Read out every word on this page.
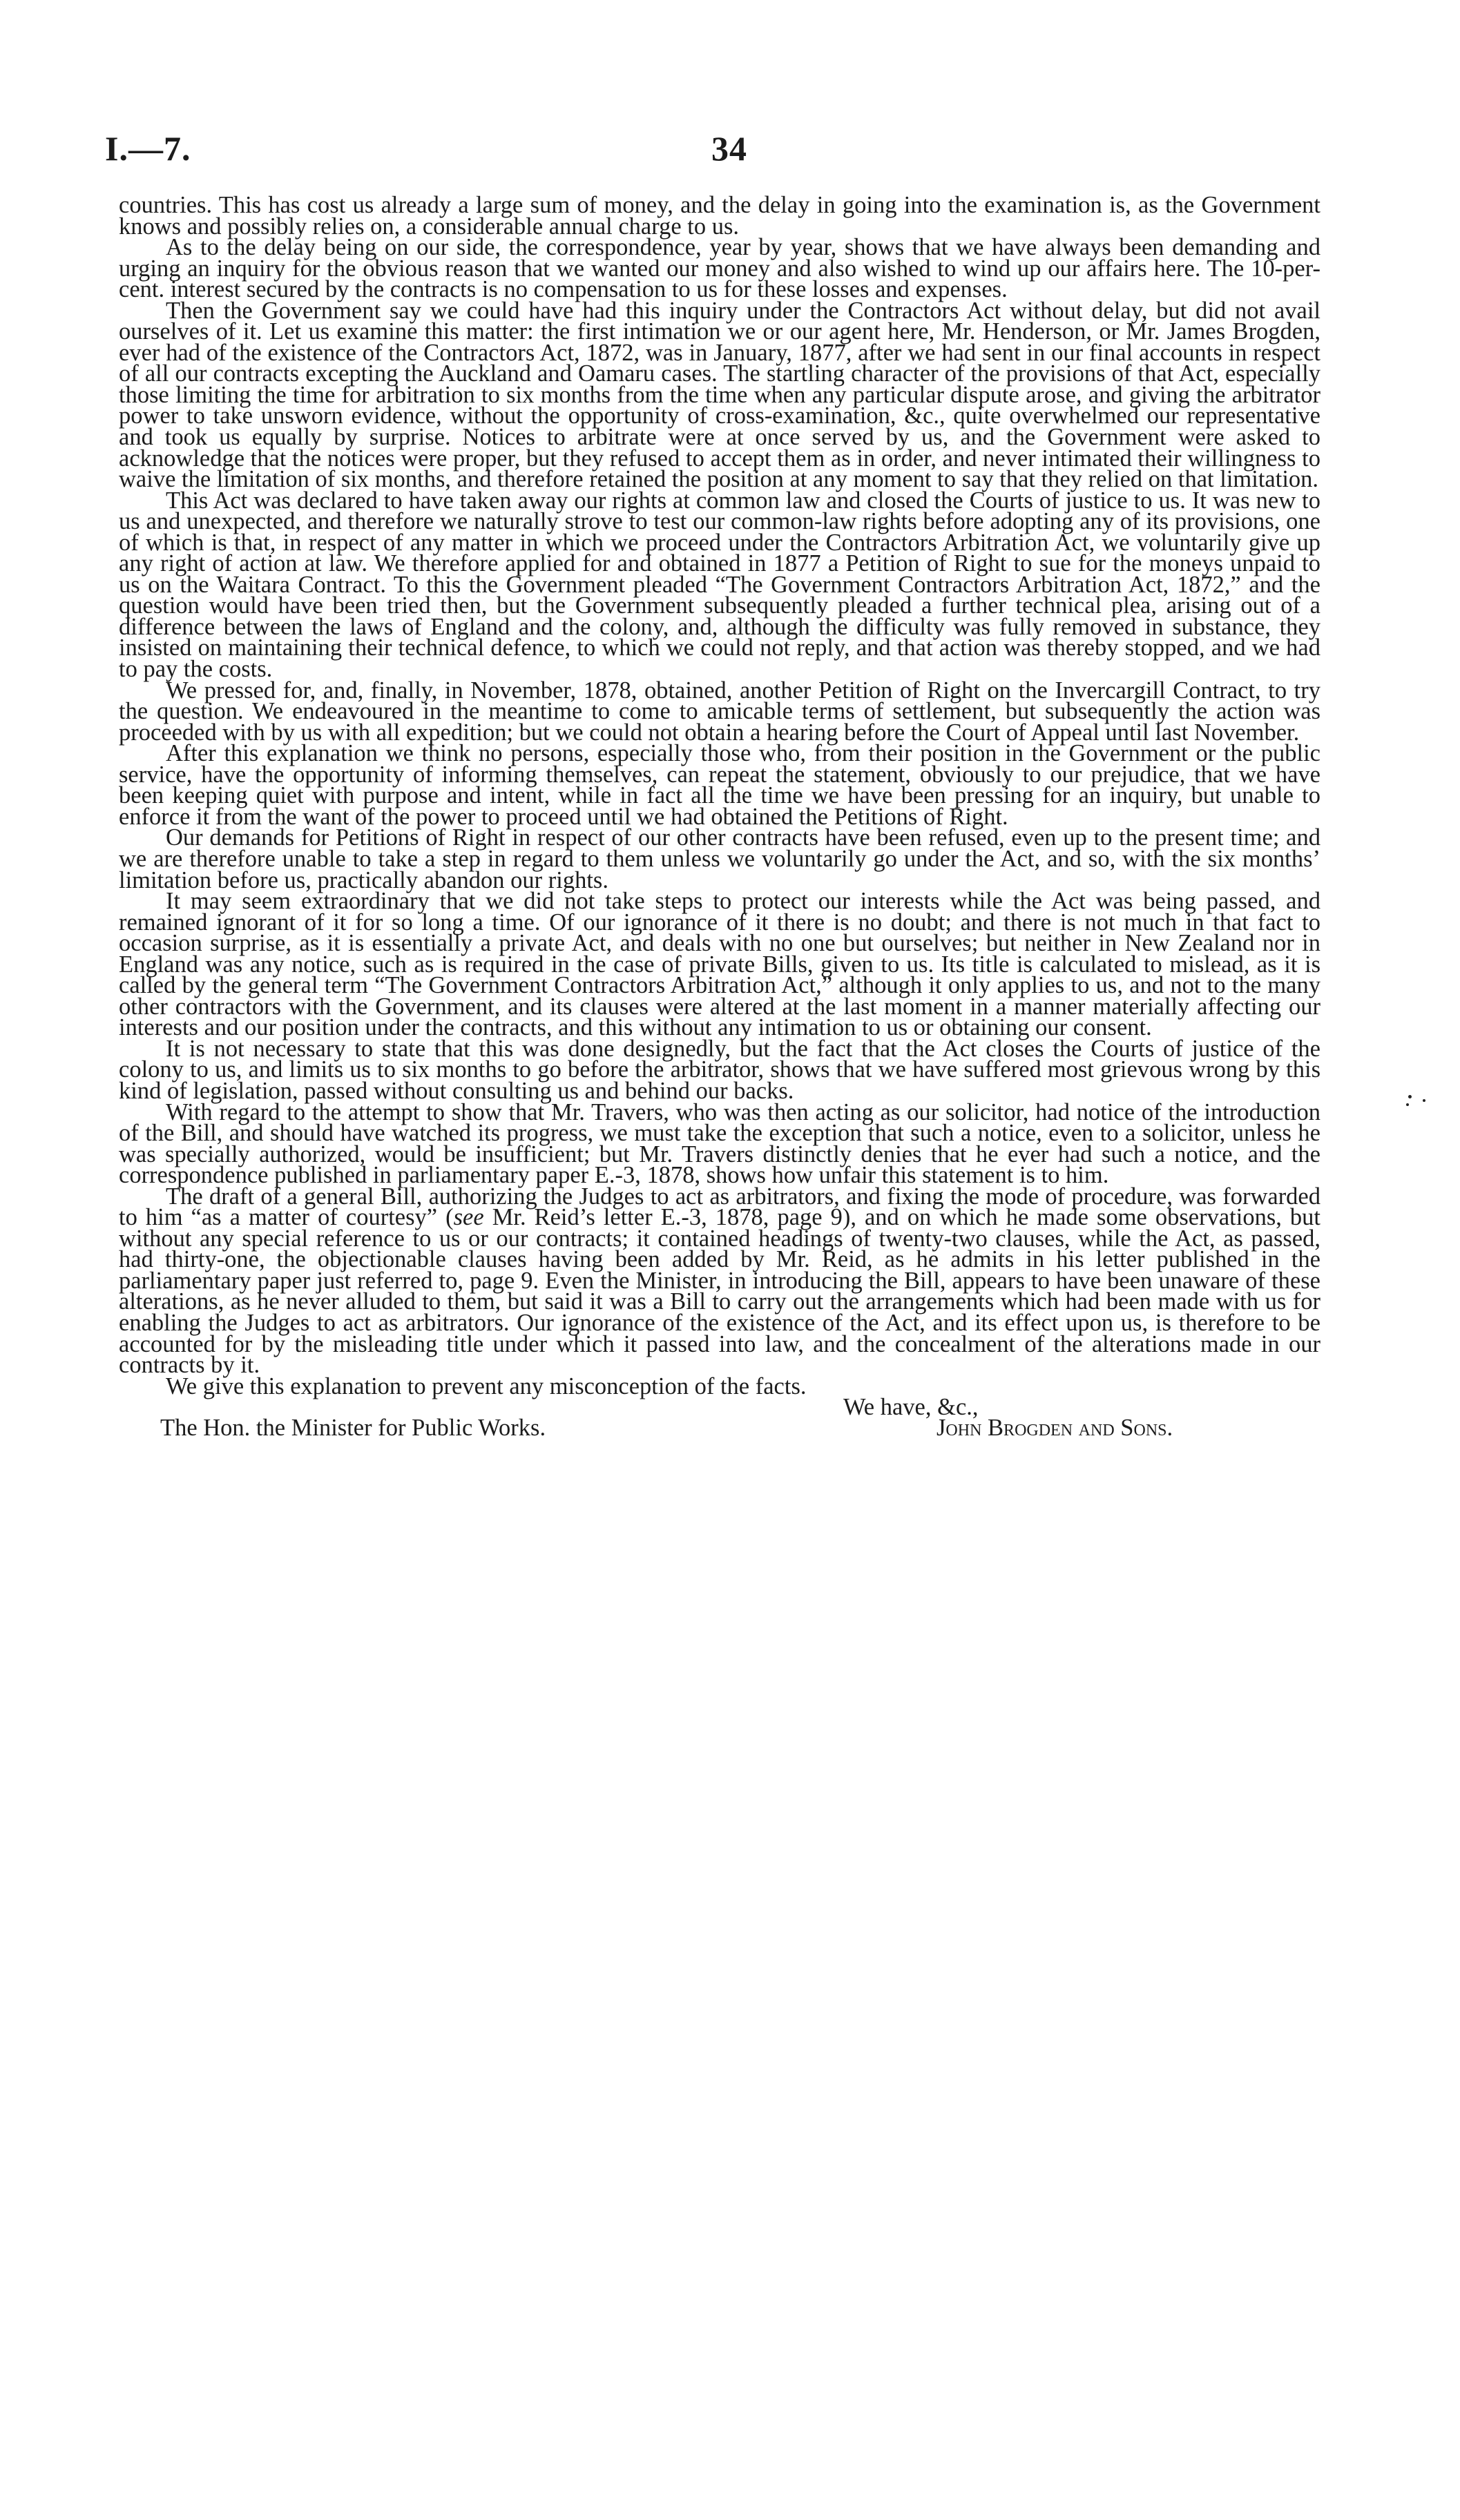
I.—7.	34

countries. This has cost us already a large sum of money, and the delay in going into the examination is, as the Government knows and possibly relies on, a considerable annual charge to us.

As to the delay being on our side, the correspondence, year by year, shows that we have always been demanding and urging an inquiry for the obvious reason that we wanted our money and also wished to wind up our affairs here. The 10-per-cent. interest secured by the contracts is no compensation to us for these losses and expenses.

Then the Government say we could have had this inquiry under the Contractors Act without delay, but did not avail ourselves of it. Let us examine this matter: the first intimation we or our agent here, Mr. Henderson, or Mr. James Brogden, ever had of the existence of the Contractors Act, 1872, was in January, 1877, after we had sent in our final accounts in respect of all our contracts excepting the Auckland and Oamaru cases. The startling character of the provisions of that Act, especially those limiting the time for arbitration to six months from the time when any particular dispute arose, and giving the arbitrator power to take unsworn evidence, without the opportunity of cross-examination, &c., quite overwhelmed our representative and took us equally by surprise. Notices to arbitrate were at once served by us, and the Government were asked to acknowledge that the notices were proper, but they refused to accept them as in order, and never intimated their willingness to waive the limitation of six months, and therefore retained the position at any moment to say that they relied on that limitation.

This Act was declared to have taken away our rights at common law and closed the Courts of justice to us. It was new to us and unexpected, and therefore we naturally strove to test our common-law rights before adopting any of its provisions, one of which is that, in respect of any matter in which we proceed under the Contractors Arbitration Act, we voluntarily give up any right of action at law. We therefore applied for and obtained in 1877 a Petition of Right to sue for the moneys unpaid to us on the Waitara Contract. To this the Government pleaded “The Government Contractors Arbitration Act, 1872,” and the question would have been tried then, but the Government subsequently pleaded a further technical plea, arising out of a difference between the laws of England and the colony, and, although the difficulty was fully removed in substance, they insisted on maintaining their technical defence, to which we could not reply, and that action was thereby stopped, and we had to pay the costs.

We pressed for, and, finally, in November, 1878, obtained, another Petition of Right on the Invercargill Contract, to try the question. We endeavoured in the meantime to come to amicable terms of settlement, but subsequently the action was proceeded with by us with all expedition; but we could not obtain a hearing before the Court of Appeal until last November.

After this explanation we think no persons, especially those who, from their position in the Government or the public service, have the opportunity of informing themselves, can repeat the statement, obviously to our prejudice, that we have been keeping quiet with purpose and intent, while in fact all the time we have been pressing for an inquiry, but unable to enforce it from the want of the power to proceed until we had obtained the Petitions of Right.

Our demands for Petitions of Right in respect of our other contracts have been refused, even up to the present time; and we are therefore unable to take a step in regard to them unless we voluntarily go under the Act, and so, with the six months’ limitation before us, practically abandon our rights.

It may seem extraordinary that we did not take steps to protect our interests while the Act was being passed, and remained ignorant of it for so long a time. Of our ignorance of it there is no doubt; and there is not much in that fact to occasion surprise, as it is essentially a private Act, and deals with no one but ourselves; but neither in New Zealand nor in England was any notice, such as is required in the case of private Bills, given to us. Its title is calculated to mislead, as it is called by the general term “The Government Contractors Arbitration Act,” although it only applies to us, and not to the many other contractors with the Government, and its clauses were altered at the last moment in a manner materially affecting our interests and our position under the contracts, and this without any intimation to us or obtaining our consent.

It is not necessary to state that this was done designedly, but the fact that the Act closes the Courts of justice of the colony to us, and limits us to six months to go before the arbitrator, shows that we have suffered most grievous wrong by this kind of legislation, passed without consulting us and behind our backs.

With regard to the attempt to show that Mr. Travers, who was then acting as our solicitor, had notice of the introduction of the Bill, and should have watched its progress, we must take the exception that such a notice, even to a solicitor, unless he was specially authorized, would be insufficient; but Mr. Travers distinctly denies that he ever had such a notice, and the correspondence published in parliamentary paper E.-3, 1878, shows how unfair this statement is to him.

The draft of a general Bill, authorizing the Judges to act as arbitrators, and fixing the mode of procedure, was forwarded to him “as a matter of courtesy” (see Mr. Reid’s letter E.-3, 1878, page 9), and on which he made some observations, but without any special reference to us or our contracts; it contained headings of twenty-two clauses, while the Act, as passed, had thirty-one, the objectionable clauses having been added by Mr. Reid, as he admits in his letter published in the parliamentary paper just referred to, page 9. Even the Minister, in introducing the Bill, appears to have been unaware of these alterations, as he never alluded to them, but said it was a Bill to carry out the arrangements which had been made with us for enabling the Judges to act as arbitrators. Our ignorance of the existence of the Act, and its effect upon us, is therefore to be accounted for by the misleading title under which it passed into law, and the concealment of the alterations made in our contracts by it.

We give this explanation to prevent any misconception of the facts.

We have, &c.,
The Hon. the Minister for Public Works.	John Brogden and Sons.
